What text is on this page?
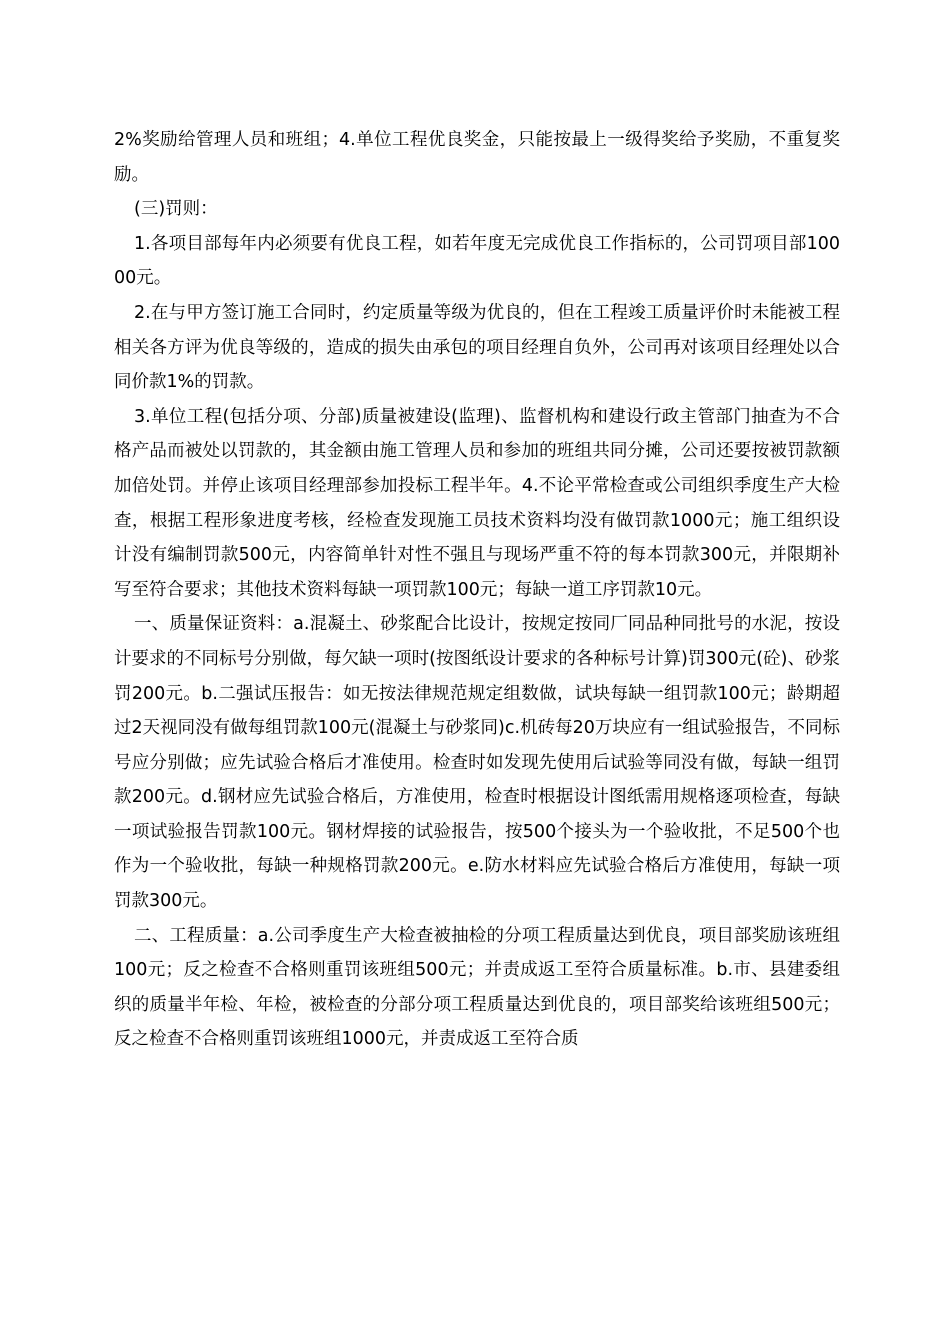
2%奖励给管理人员和班组；4.单位工程优良奖金，只能按最上一级得奖给予奖励，不重复奖励。

(三)罚则：

1.各项目部每年内必须要有优良工程，如若年度无完成优良工作指标的，公司罚项目部10000元。

2.在与甲方签订施工合同时，约定质量等级为优良的，但在工程竣工质量评价时未能被工程相关各方评为优良等级的，造成的损失由承包的项目经理自负外，公司再对该项目经理处以合同价款1%的罚款。

3.单位工程(包括分项、分部)质量被建设(监理)、监督机构和建设行政主管部门抽查为不合格产品而被处以罚款的，其金额由施工管理人员和参加的班组共同分摊，公司还要按被罚款额加倍处罚。并停止该项目经理部参加投标工程半年。4.不论平常检查或公司组织季度生产大检查，根据工程形象进度考核，经检查发现施工员技术资料均没有做罚款1000元；施工组织设计没有编制罚款500元，内容简单针对性不强且与现场严重不符的每本罚款300元，并限期补写至符合要求；其他技术资料每缺一项罚款100元；每缺一道工序罚款10元。

一、质量保证资料：a.混凝土、砂浆配合比设计，按规定按同厂同品种同批号的水泥，按设计要求的不同标号分别做，每欠缺一项时(按图纸设计要求的各种标号计算)罚300元(砼)、砂浆罚200元。b.二强试压报告：如无按法律规范规定组数做，试块每缺一组罚款100元；龄期超过2天视同没有做每组罚款100元(混凝土与砂浆同)c.机砖每20万块应有一组试验报告，不同标号应分别做；应先试验合格后才准使用。检查时如发现先使用后试验等同没有做，每缺一组罚款200元。d.钢材应先试验合格后，方准使用，检查时根据设计图纸需用规格逐项检查，每缺一项试验报告罚款100元。钢材焊接的试验报告，按500个接头为一个验收批，不足500个也作为一个验收批，每缺一种规格罚款200元。e.防水材料应先试验合格后方准使用，每缺一项罚款300元。

二、工程质量：a.公司季度生产大检查被抽检的分项工程质量达到优良，项目部奖励该班组100元；反之检查不合格则重罚该班组500元；并责成返工至符合质量标准。b.市、县建委组织的质量半年检、年检，被检查的分部分项工程质量达到优良的，项目部奖给该班组500元；反之检查不合格则重罚该班组1000元，并责成返工至符合质
